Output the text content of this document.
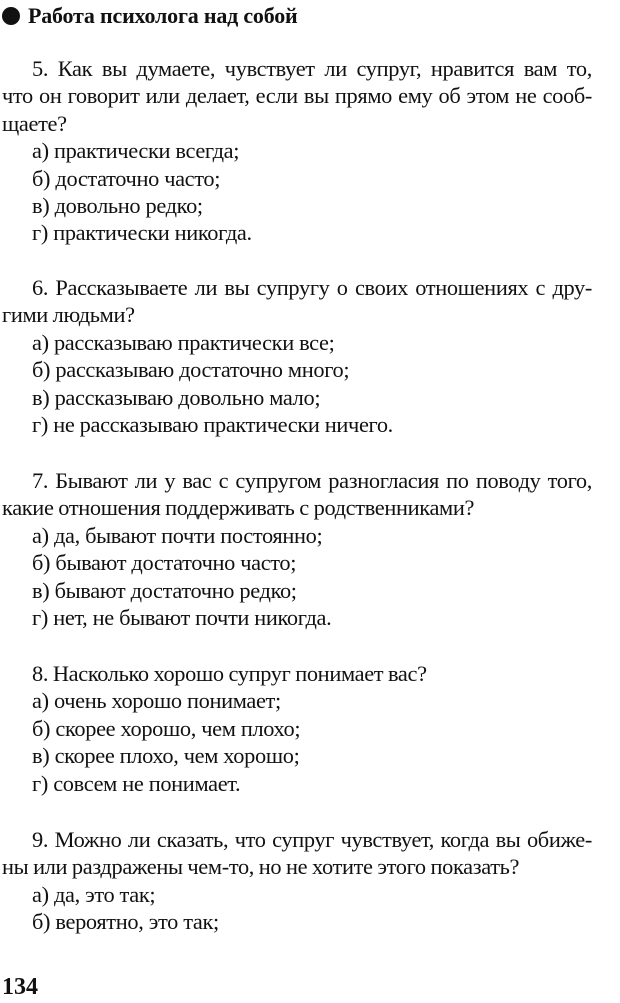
Работа психолога над собой
5. Как вы думаете, чувствует ли супруг, нравится вам то,
что он говорит или делает, если вы прямо ему об этом не сооб-
щаете?
а) практически всегда;
б) достаточно часто;
в) довольно редко;
г) практически никогда.
6. Рассказываете ли вы супругу о своих отношениях с дру-
гими людьми?
а) рассказываю практически все;
б) рассказываю достаточно много;
в) рассказываю довольно мало;
г) не рассказываю практически ничего.
7. Бывают ли у вас с супругом разногласия по поводу того,
какие отношения поддерживать с родственниками?
а) да, бывают почти постоянно;
б) бывают достаточно часто;
в) бывают достаточно редко;
г) нет, не бывают почти никогда.
8. Насколько хорошо супруг понимает вас?
а) очень хорошо понимает;
б) скорее хорошо, чем плохо;
в) скорее плохо, чем хорошо;
г) совсем не понимает.
9. Можно ли сказать, что супруг чувствует, когда вы обиже-
ны или раздражены чем-то, но не хотите этого показать?
а) да, это так;
б) вероятно, это так;
134
